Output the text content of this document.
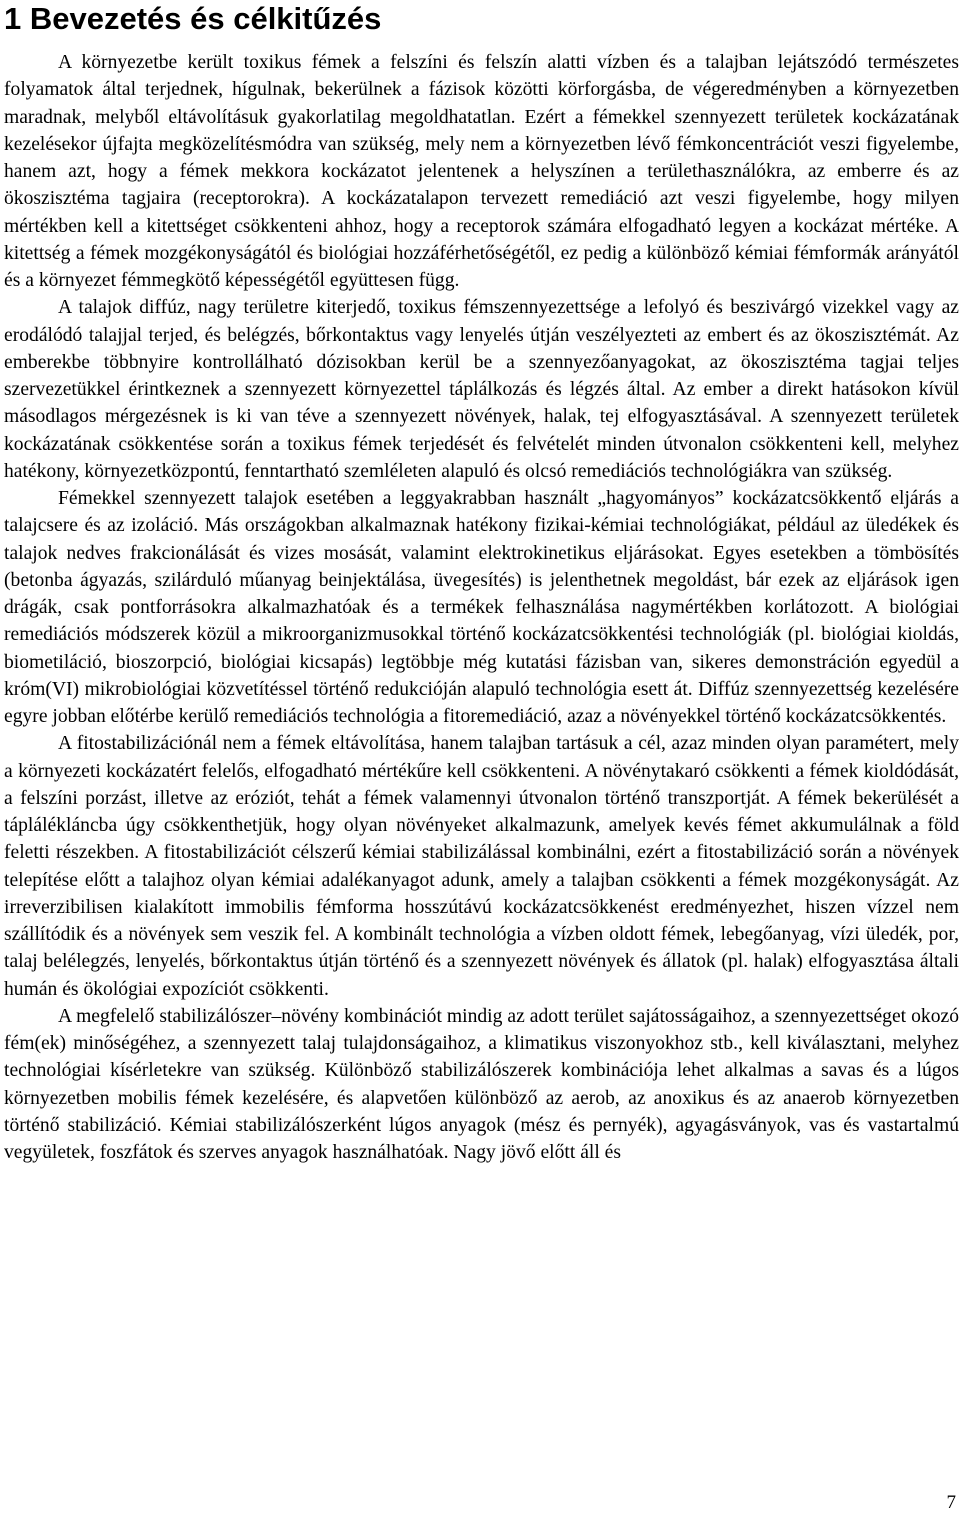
1 Bevezetés és célkitűzés

A környezetbe került toxikus fémek a felszíni és felszín alatti vízben és a talajban lejátszódó természetes folyamatok által terjednek, hígulnak, bekerülnek a fázisok közötti körforgásba, de végeredményben a környezetben maradnak, melyből eltávolításuk gyakorlatilag megoldhatatlan. Ezért a fémekkel szennyezett területek kockázatának kezelésekor újfajta megközelítésmódra van szükség, mely nem a környezetben lévő fémkoncentrációt veszi figyelembe, hanem azt, hogy a fémek mekkora kockázatot jelentenek a helyszínen a területhasználókra, az emberre és az ökoszisztéma tagjaira (receptorokra). A kockázatalapon tervezett remediáció azt veszi figyelembe, hogy milyen mértékben kell a kitettséget csökkenteni ahhoz, hogy a receptorok számára elfogadható legyen a kockázat mértéke. A kitettség a fémek mozgékonyságától és biológiai hozzáférhetőségétől, ez pedig a különböző kémiai fémformák arányától és a környezet fémmegkötő képességétől együttesen függ.

A talajok diffúz, nagy területre kiterjedő, toxikus fémszennyezettsége a lefolyó és beszivárgó vizekkel vagy az erodálódó talajjal terjed, és belégzés, bőrkontaktus vagy lenyelés útján veszélyezteti az embert és az ökoszisztémát. Az emberekbe többnyire kontrollálható dózisokban kerül be a szennyezőanyagokat, az ökoszisztéma tagjai teljes szervezetükkel érintkeznek a szennyezett környezettel táplálkozás és légzés által. Az ember a direkt hatásokon kívül másodlagos mérgezésnek is ki van téve a szennyezett növények, halak, tej elfogyasztásával. A szennyezett területek kockázatának csökkentése során a toxikus fémek terjedését és felvételét minden útvonalon csökkenteni kell, melyhez hatékony, környezetközpontú, fenntartható szemléleten alapuló és olcsó remediációs technológiákra van szükség.

Fémekkel szennyezett talajok esetében a leggyakrabban használt „hagyományos” kockázatcsökkentő eljárás a talajcsere és az izoláció. Más országokban alkalmaznak hatékony fizikai-kémiai technológiákat, például az üledékek és talajok nedves frakcionálását és vizes mosását, valamint elektrokinetikus eljárásokat. Egyes esetekben a tömbösítés (betonba ágyazás, szilárduló műanyag beinjektálása, üvegesítés) is jelenthetnek megoldást, bár ezek az eljárások igen drágák, csak pontforrásokra alkalmazhatóak és a termékek felhasználása nagymértékben korlátozott. A biológiai remediációs módszerek közül a mikroorganizmusokkal történő kockázatcsökkentési technológiák (pl. biológiai kioldás, biometiláció, bioszorpció, biológiai kicsapás) legtöbbje még kutatási fázisban van, sikeres demonstráción egyedül a króm(VI) mikrobiológiai közvetítéssel történő redukcióján alapuló technológia esett át. Diffúz szennyezettség kezelésére egyre jobban előtérbe kerülő remediációs technológia a fitoremediáció, azaz a növényekkel történő kockázatcsökkentés.

A fitostabilizációnál nem a fémek eltávolítása, hanem talajban tartásuk a cél, azaz minden olyan paramétert, mely a környezeti kockázatért felelős, elfogadható mértékűre kell csökkenteni. A növénytakaró csökkenti a fémek kioldódását, a felszíni porzást, illetve az eróziót, tehát a fémek valamennyi útvonalon történő transzportját. A fémek bekerülését a táplálékláncba úgy csökkenthetjük, hogy olyan növényeket alkalmazunk, amelyek kevés fémet akkumulálnak a föld feletti részekben. A fitostabilizációt célszerű kémiai stabilizálással kombinálni, ezért a fitostabilizáció során a növények telepítése előtt a talajhoz olyan kémiai adalékanyagot adunk, amely a talajban csökkenti a fémek mozgékonyságát. Az irreverzibilisen kialakított immobilis fémforma hosszútávú kockázatcsökkenést eredményezhet, hiszen vízzel nem szállítódik és a növények sem veszik fel. A kombinált technológia a vízben oldott fémek, lebegőanyag, vízi üledék, por, talaj belélegzés, lenyelés, bőrkontaktus útján történő és a szennyezett növények és állatok (pl. halak) elfogyasztása általi humán és ökológiai expozíciót csökkenti.

A megfelelő stabilizálószer–növény kombinációt mindig az adott terület sajátosságaihoz, a szennyezettséget okozó fém(ek) minőségéhez, a szennyezett talaj tulajdonságaihoz, a klimatikus viszonyokhoz stb., kell kiválasztani, melyhez technológiai kísérletekre van szükség. Különböző stabilizálószerek kombinációja lehet alkalmas a savas és a lúgos környezetben mobilis fémek kezelésére, és alapvetően különböző az aerob, az anoxikus és az anaerob környezetben történő stabilizáció. Kémiai stabilizálószerként lúgos anyagok (mész és pernyék), agyagásványok, vas és vastartalmú vegyületek, foszfátok és szerves anyagok használhatóak. Nagy jövő előtt áll és

7
